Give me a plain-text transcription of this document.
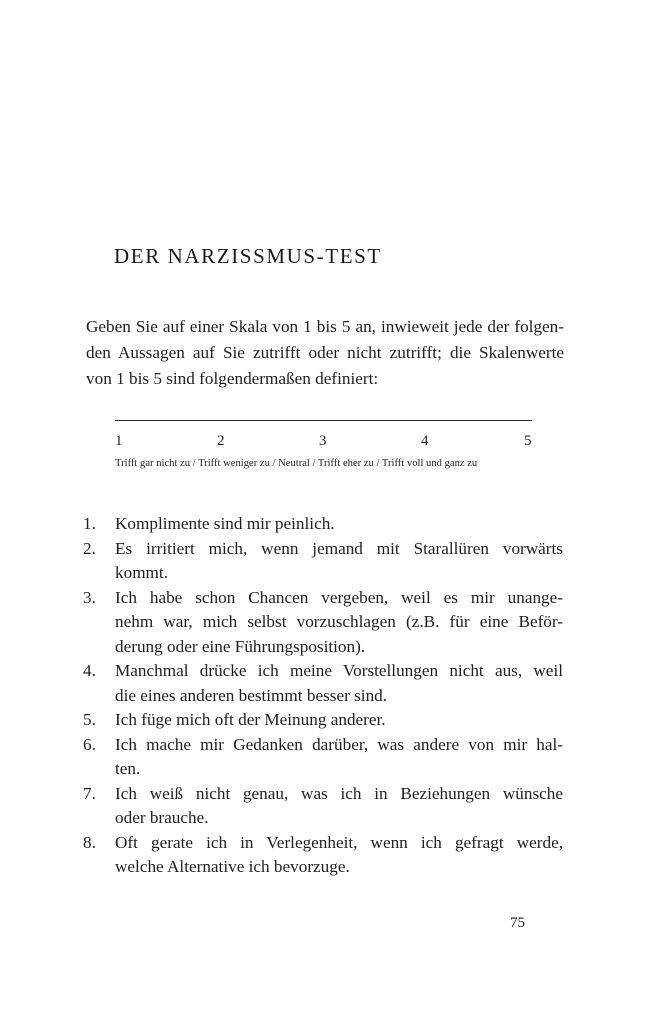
DER NARZISSMUS-TEST
Geben Sie auf einer Skala von 1 bis 5 an, inwieweit jede der folgen-
den Aussagen auf Sie zutrifft oder nicht zutrifft; die Skalenwerte
von 1 bis 5 sind folgendermaßen definiert:
1	2	3	4	5
Trifft gar nicht zu / Trifft weniger zu / Neutral / Trifft eher zu / Trifft voll und ganz zu
1. Komplimente sind mir peinlich.
2. Es irritiert mich, wenn jemand mit Starallüren vorwärts
kommt.
3. Ich habe schon Chancen vergeben, weil es mir unange-
nehm war, mich selbst vorzuschlagen (z.B. für eine Beför-
derung oder eine Führungsposition).
4. Manchmal drücke ich meine Vorstellungen nicht aus, weil
die eines anderen bestimmt besser sind.
5. Ich füge mich oft der Meinung anderer.
6. Ich mache mir Gedanken darüber, was andere von mir hal-
ten.
7. Ich weiß nicht genau, was ich in Beziehungen wünsche
oder brauche.
8. Oft gerate ich in Verlegenheit, wenn ich gefragt werde,
welche Alternative ich bevorzuge.
75
